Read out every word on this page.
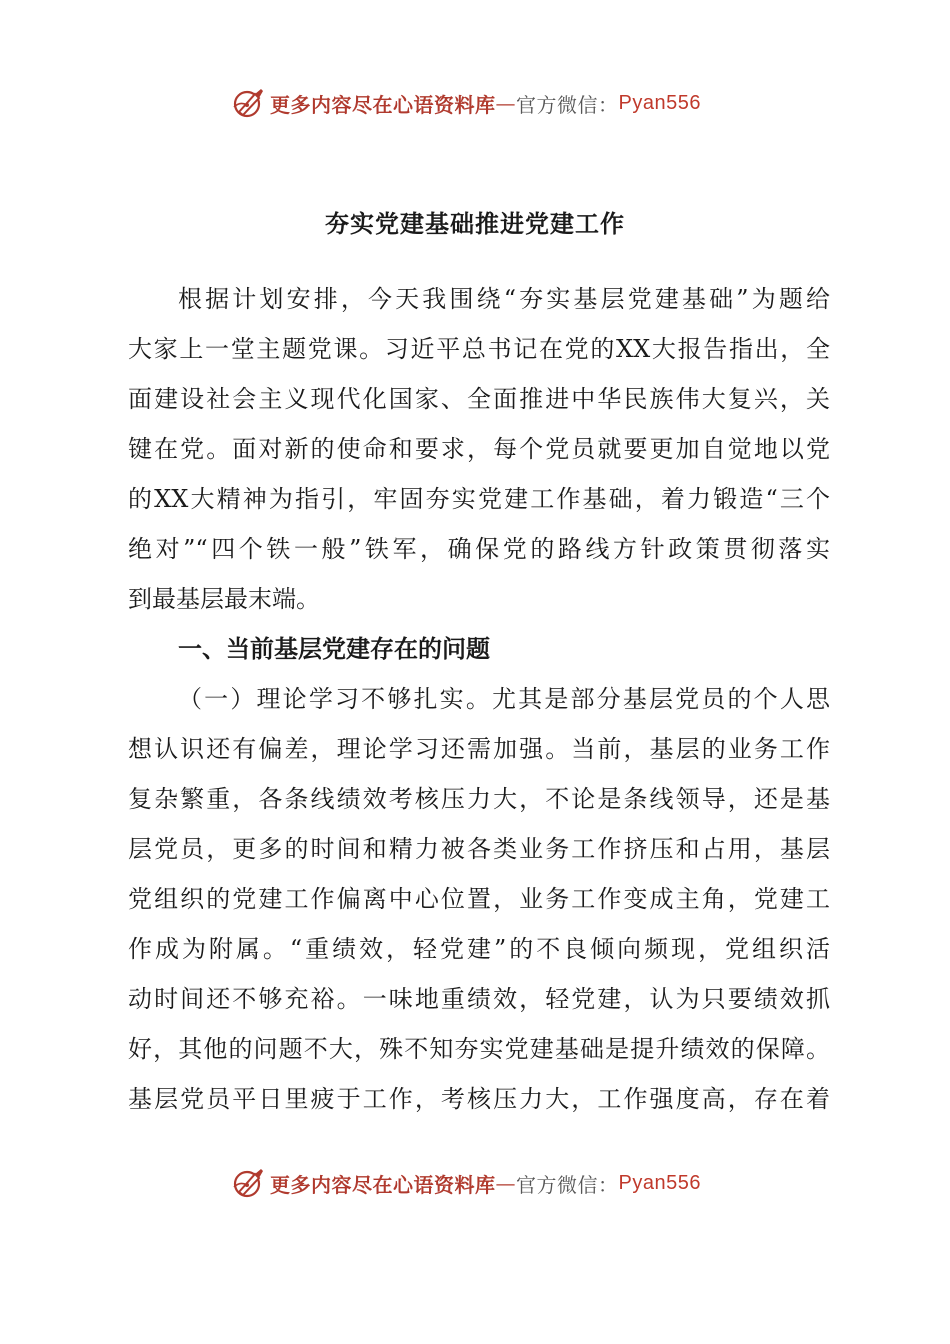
更多内容尽在心语资料库 — 官方微信： Pyan556
夯实党建基础推进党建工作
根据计划安排，今天我围绕“夯实基层党建基础”为题给
大家上一堂主题党课。习近平总书记在党的XX大报告指出，全
面建设社会主义现代化国家、全面推进中华民族伟大复兴，关
键在党。面对新的使命和要求，每个党员就要更加自觉地以党
的XX大精神为指引，牢固夯实党建工作基础，着力锻造“三个
绝对”“四个铁一般”铁军，确保党的路线方针政策贯彻落实
到最基层最末端。
一、当前基层党建存在的问题
（一）理论学习不够扎实。尤其是部分基层党员的个人思
想认识还有偏差，理论学习还需加强。当前，基层的业务工作
复杂繁重，各条线绩效考核压力大，不论是条线领导，还是基
层党员，更多的时间和精力被各类业务工作挤压和占用，基层
党组织的党建工作偏离中心位置，业务工作变成主角，党建工
作成为附属。“重绩效，轻党建”的不良倾向频现，党组织活
动时间还不够充裕。一味地重绩效，轻党建，认为只要绩效抓
好，其他的问题不大，殊不知夯实党建基础是提升绩效的保障。
基层党员平日里疲于工作，考核压力大，工作强度高，存在着
更多内容尽在心语资料库 — 官方微信： Pyan556
